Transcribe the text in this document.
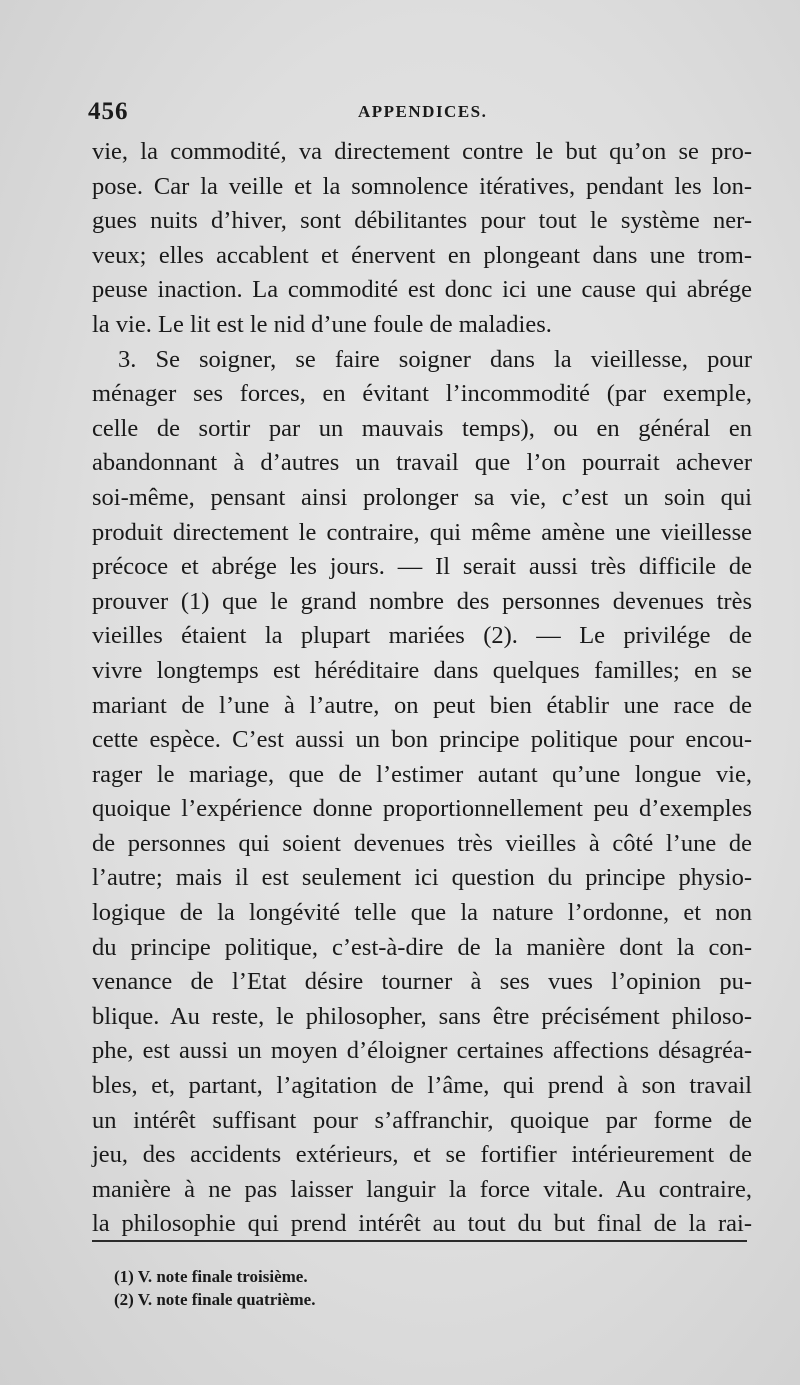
456	APPENDICES.
vie, la commodité, va directement contre le but qu’on se pro-
pose. Car la veille et la somnolence itératives, pendant les lon-
gues nuits d’hiver, sont débilitantes pour tout le système ner-
veux; elles accablent et énervent en plongeant dans une trom-
peuse inaction. La commodité est donc ici une cause qui abrége
la vie. Le lit est le nid d’une foule de maladies.
3. Se soigner, se faire soigner dans la vieillesse, pour
ménager ses forces, en évitant l’incommodité (par exemple,
celle de sortir par un mauvais temps), ou en général en
abandonnant à d’autres un travail que l’on pourrait achever
soi-même, pensant ainsi prolonger sa vie, c’est un soin qui
produit directement le contraire, qui même amène une vieillesse
précoce et abrége les jours. — Il serait aussi très difficile de
prouver (1) que le grand nombre des personnes devenues très
vieilles étaient la plupart mariées (2). — Le privilége de
vivre longtemps est héréditaire dans quelques familles; en se
mariant de l’une à l’autre, on peut bien établir une race de
cette espèce. C’est aussi un bon principe politique pour encou-
rager le mariage, que de l’estimer autant qu’une longue vie,
quoique l’expérience donne proportionnellement peu d’exemples
de personnes qui soient devenues très vieilles à côté l’une de
l’autre; mais il est seulement ici question du principe physio-
logique de la longévité telle que la nature l’ordonne, et non
du principe politique, c’est-à-dire de la manière dont la con-
venance de l’Etat désire tourner à ses vues l’opinion pu-
blique. Au reste, le philosopher, sans être précisément philoso-
phe, est aussi un moyen d’éloigner certaines affections désagréa-
bles, et, partant, l’agitation de l’âme, qui prend à son travail
un intérêt suffisant pour s’affranchir, quoique par forme de
jeu, des accidents extérieurs, et se fortifier intérieurement de
manière à ne pas laisser languir la force vitale. Au contraire,
la philosophie qui prend intérêt au tout du but final de la rai-
(1) V. note finale troisième.
(2) V. note finale quatrième.
